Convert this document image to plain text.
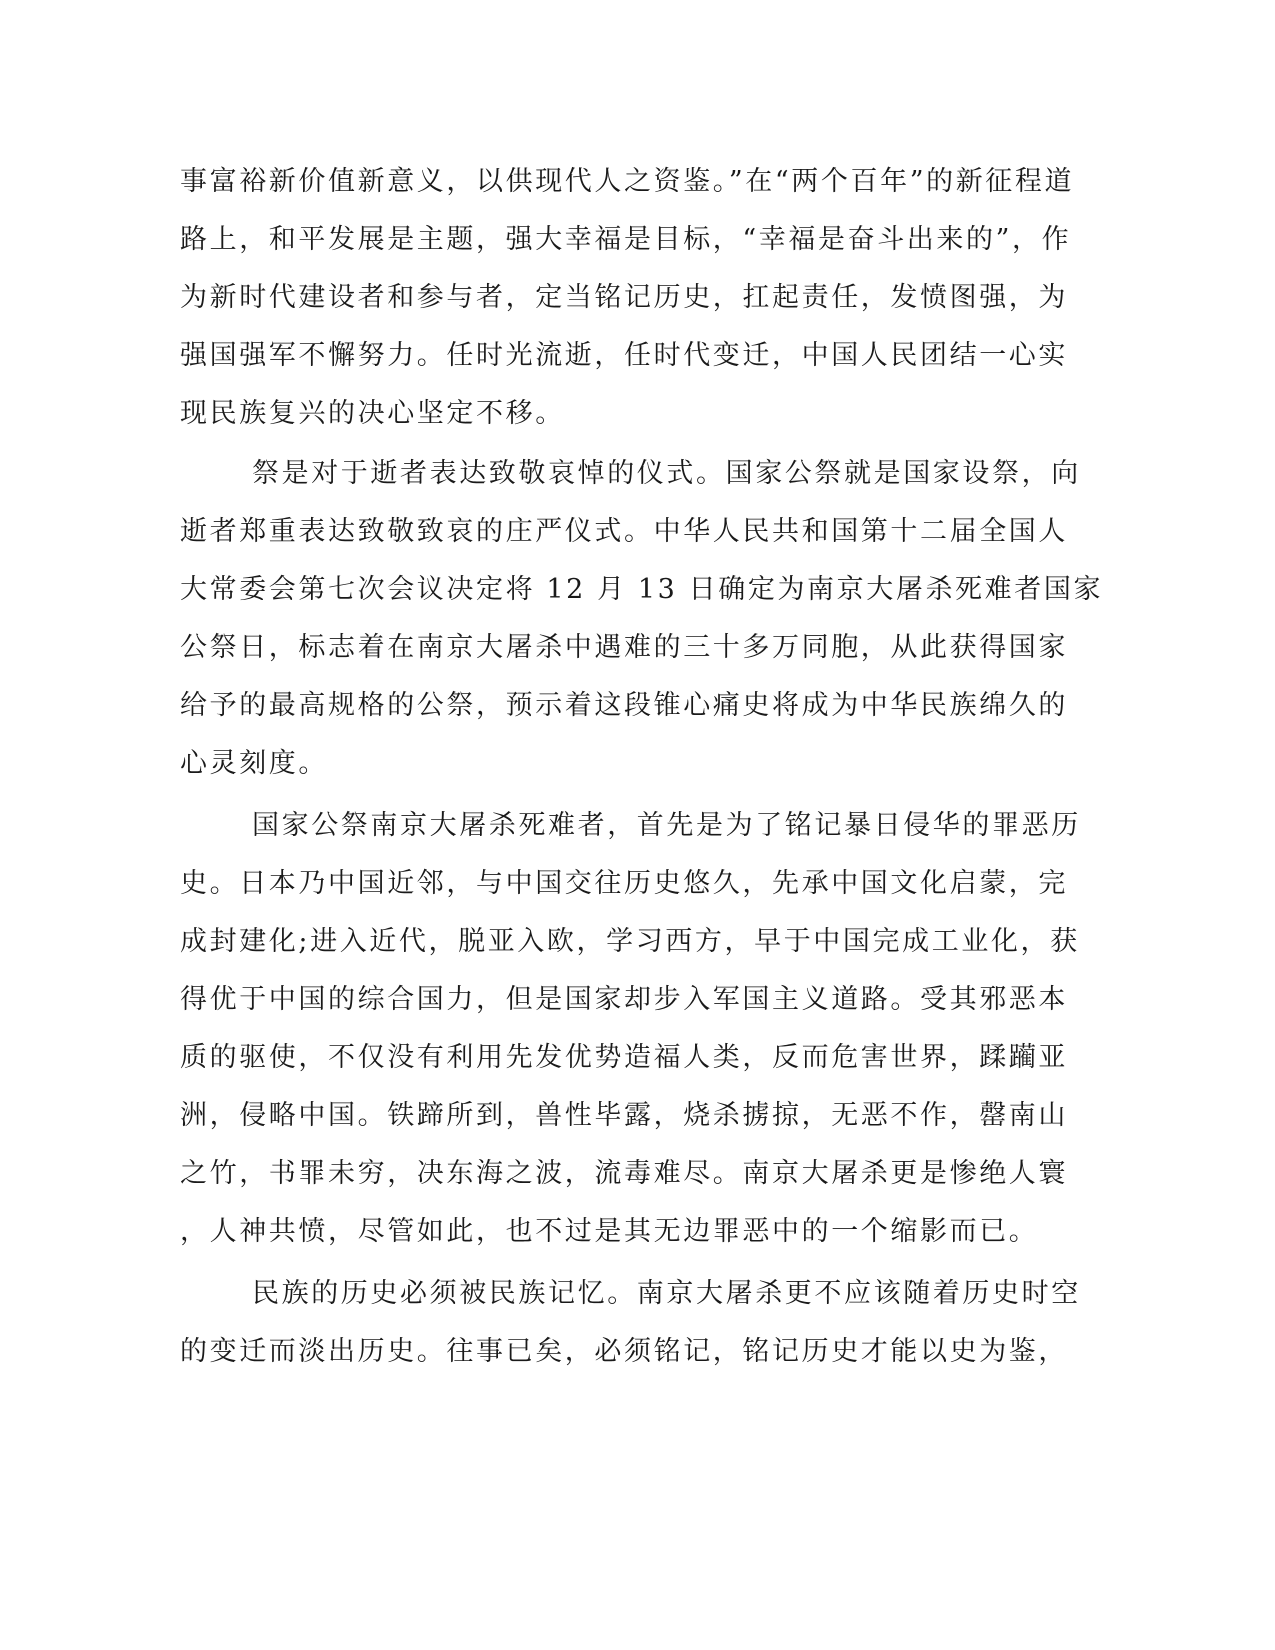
事富裕新价值新意义，以供现代人之资鉴。”在“两个百年”的新征程道
路上，和平发展是主题，强大幸福是目标，“幸福是奋斗出来的”，作
为新时代建设者和参与者，定当铭记历史，扛起责任，发愤图强，为
强国强军不懈努力。任时光流逝，任时代变迁，中国人民团结一心实
现民族复兴的决心坚定不移。
祭是对于逝者表达致敬哀悼的仪式。国家公祭就是国家设祭，向
逝者郑重表达致敬致哀的庄严仪式。中华人民共和国第十二届全国人
大常委会第七次会议决定将 12 月 13 日确定为南京大屠杀死难者国家
公祭日，标志着在南京大屠杀中遇难的三十多万同胞，从此获得国家
给予的最高规格的公祭，预示着这段锥心痛史将成为中华民族绵久的
心灵刻度。
国家公祭南京大屠杀死难者，首先是为了铭记暴日侵华的罪恶历
史。日本乃中国近邻，与中国交往历史悠久，先承中国文化启蒙，完
成封建化;进入近代，脱亚入欧，学习西方，早于中国完成工业化，获
得优于中国的综合国力，但是国家却步入军国主义道路。受其邪恶本
质的驱使，不仅没有利用先发优势造福人类，反而危害世界，蹂躏亚
洲，侵略中国。铁蹄所到，兽性毕露，烧杀掳掠，无恶不作，罄南山
之竹，书罪未穷，决东海之波，流毒难尽。南京大屠杀更是惨绝人寰
，人神共愤，尽管如此，也不过是其无边罪恶中的一个缩影而已。
民族的历史必须被民族记忆。南京大屠杀更不应该随着历史时空
的变迁而淡出历史。往事已矣，必须铭记，铭记历史才能以史为鉴，
